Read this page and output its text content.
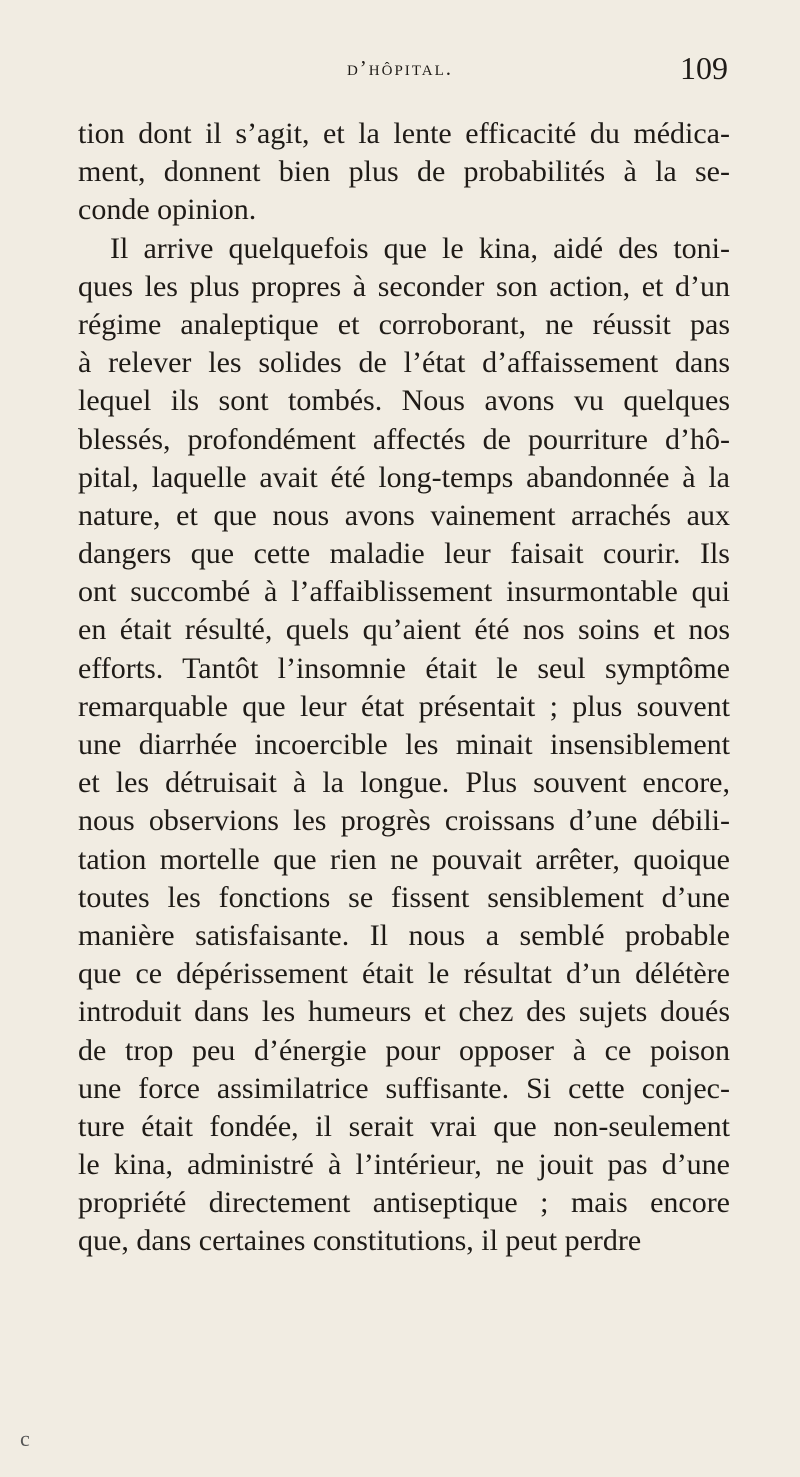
d’hôpital.	109
tion dont il s’agit, et la lente efficacité du médica-
ment, donnent bien plus de probabilités à la se-
conde opinion.
Il arrive quelquefois que le kina, aidé des toni-
ques les plus propres à seconder son action, et d’un
régime analeptique et corroborant, ne réussit pas
à relever les solides de l’état d’affaissement dans
lequel ils sont tombés. Nous avons vu quelques
blessés, profondément affectés de pourriture d’hô-
pital, laquelle avait été long-temps abandonnée à la
nature, et que nous avons vainement arrachés aux
dangers que cette maladie leur faisait courir. Ils
ont succombé à l’affaiblissement insurmontable qui
en était résulté, quels qu’aient été nos soins et nos
efforts. Tantôt l’insomnie était le seul symptôme
remarquable que leur état présentait ; plus souvent
une diarrhée incoercible les minait insensiblement
et les détruisait à la longue. Plus souvent encore,
nous observions les progrès croissans d’une débili-
tation mortelle que rien ne pouvait arrêter, quoique
toutes les fonctions se fissent sensiblement d’une
manière satisfaisante. Il nous a semblé probable
que ce dépérissement était le résultat d’un délétère
introduit dans les humeurs et chez des sujets doués
de trop peu d’énergie pour opposer à ce poison
une force assimilatrice suffisante. Si cette conjec-
ture était fondée, il serait vrai que non-seulement
le kina, administré à l’intérieur, ne jouit pas d’une
propriété directement antiseptique ; mais encore
que, dans certaines constitutions, il peut perdre
c
